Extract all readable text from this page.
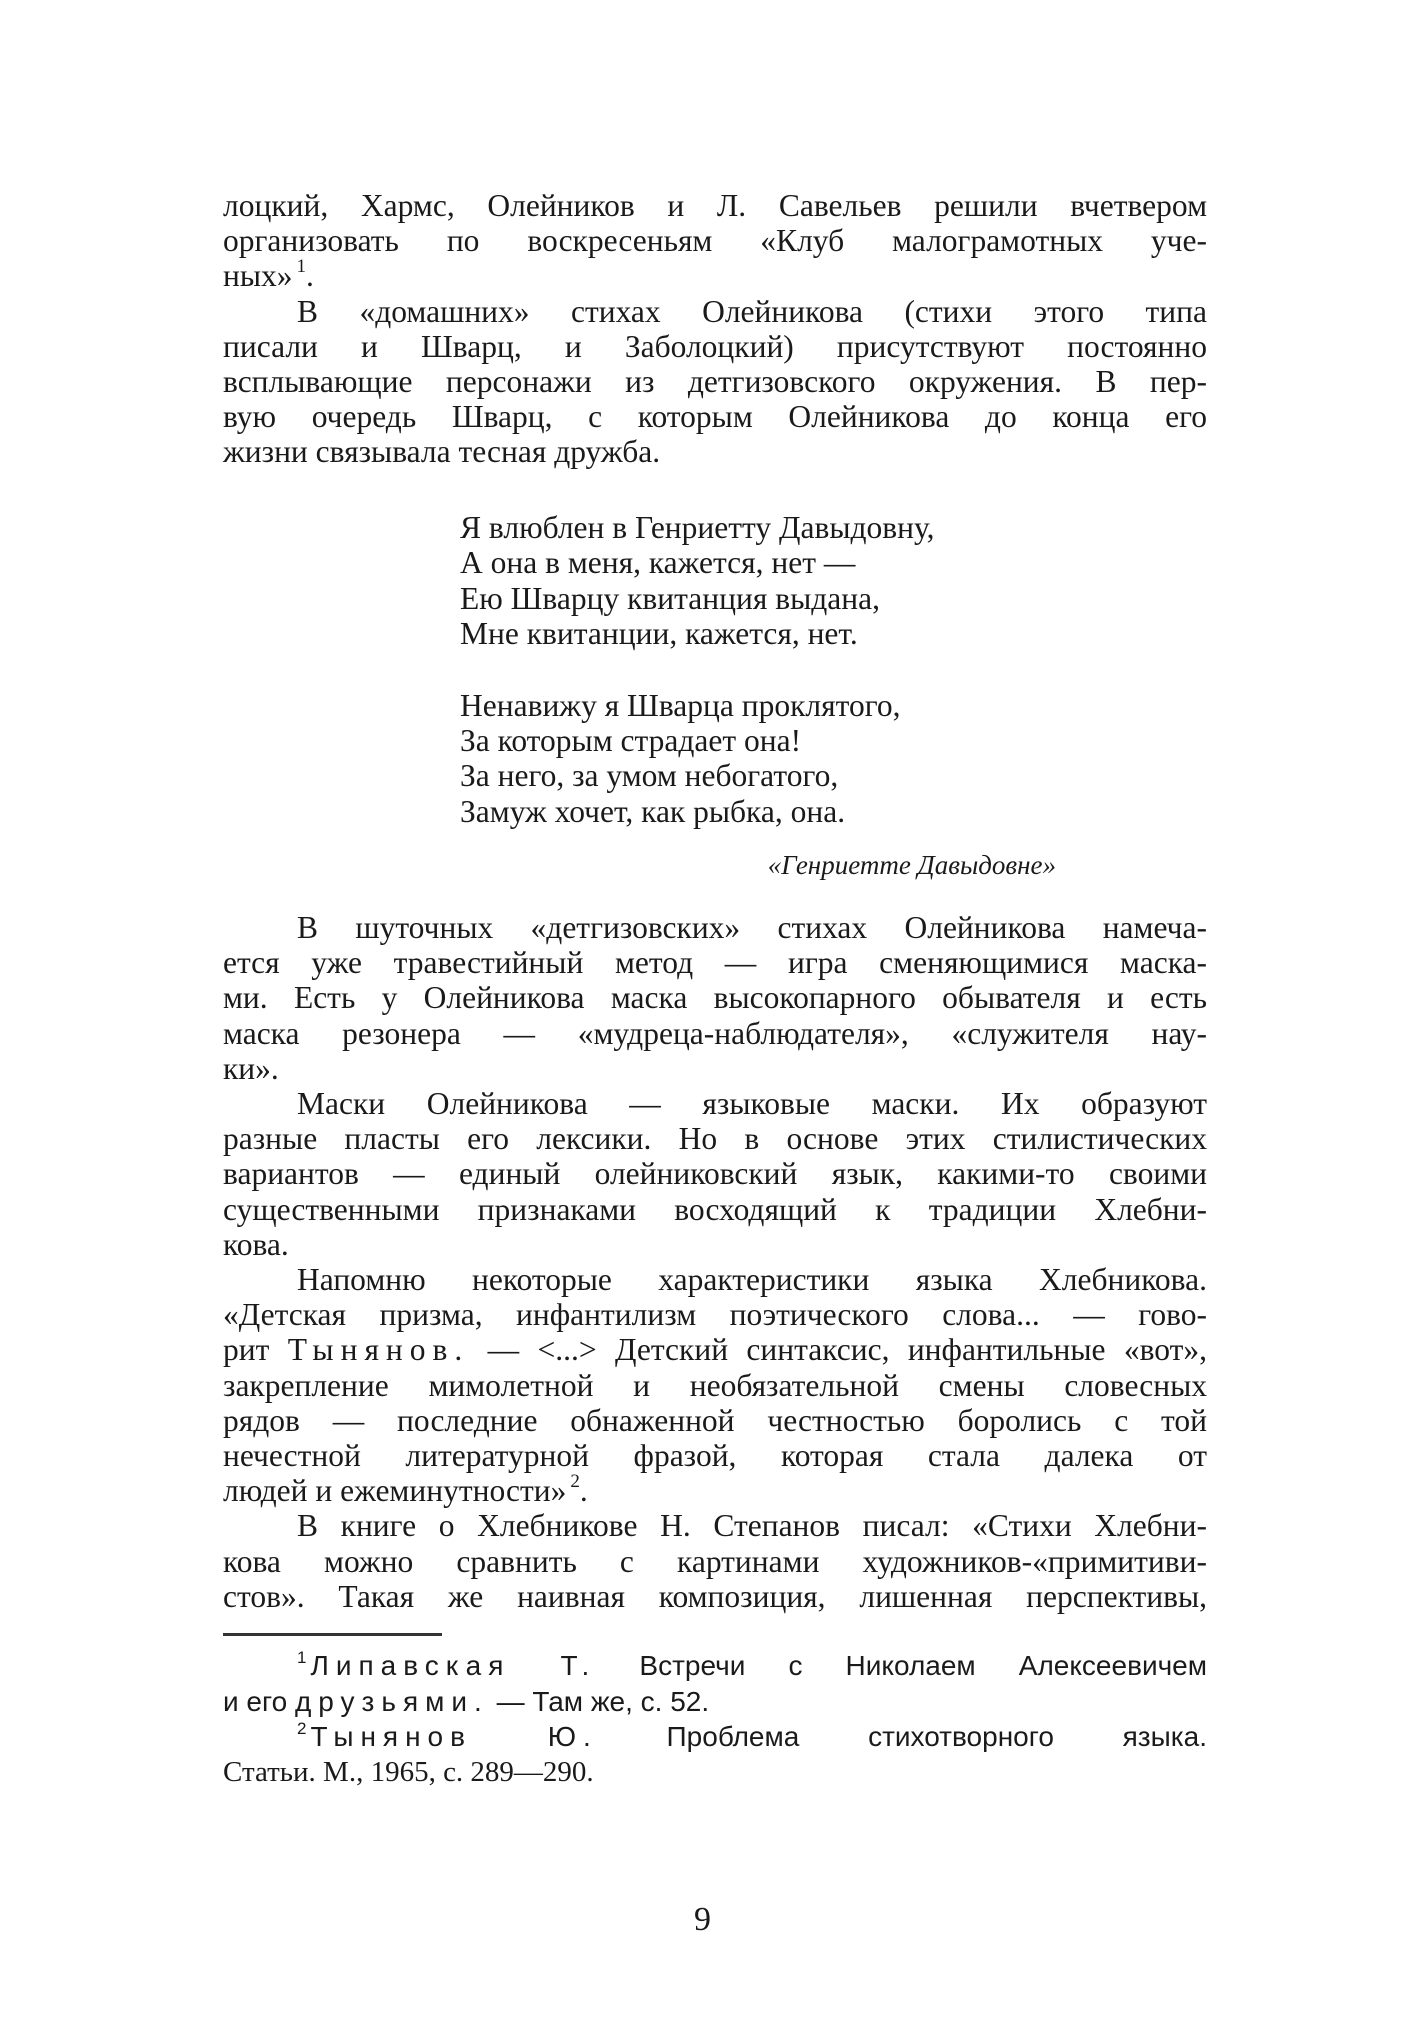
лоцкий, Хармс, Олейников и Л. Савельев решили вчетвером
организовать по воскресеньям «Клуб малограмотных уче-
ных» $^1$.
В «домашних» стихах Олейникова (стихи этого типа
писали и Шварц, и Заболоцкий) присутствуют постоянно
всплывающие персонажи из детгизовского окружения. В пер-
вую очередь Шварц, с которым Олейникова до конца его
жизни связывала тесная дружба.
Я влюблен в Генриетту Давыдовну,
А она в меня, кажется, нет —
Ею Шварцу квитанция выдана,
Мне квитанции, кажется, нет.
Ненавижу я Шварца проклятого,
За которым страдает она!
За него, за умом небогатого,
Замуж хочет, как рыбка, она.
«Генриетте Давыдовне»
В шуточных «детгизовских» стихах Олейникова намеча-
ется уже травестийный метод — игра сменяющимися маска-
ми. Есть у Олейникова маска высокопарного обывателя и есть
маска резонера — «мудреца-наблюдателя», «служителя нау-
ки».
Маски Олейникова — языковые маски. Их образуют
разные пласты его лексики. Но в основе этих стилистических
вариантов — единый олейниковский язык, какими-то своими
существенными признаками восходящий к традиции Хлебни-
кова.
Напомню некоторые характеристики языка Хлебникова.
«Детская призма, инфантилизм поэтического слова... — гово-
рит Тынянов. — <...> Детский синтаксис, инфантильные «вот»,
закрепление мимолетной и необязательной смены словесных
рядов — последние обнаженной честностью боролись с той
нечестной литературной фразой, которая стала далека от
людей и ежеминутности» $^2$.
В книге о Хлебникове Н. Степанов писал: «Стихи Хлебни-
кова можно сравнить с картинами художников-«примитиви-
стов». Такая же наивная композиция, лишенная перспективы,
$^1$ Липавская Т. Встречи с Николаем Алексеевичем
и его друзьями. — Там же, с. 52.
$^2$ Тынянов Ю. Проблема стихотворного языка.
Статьи. М., 1965, с. 289—290.
9
